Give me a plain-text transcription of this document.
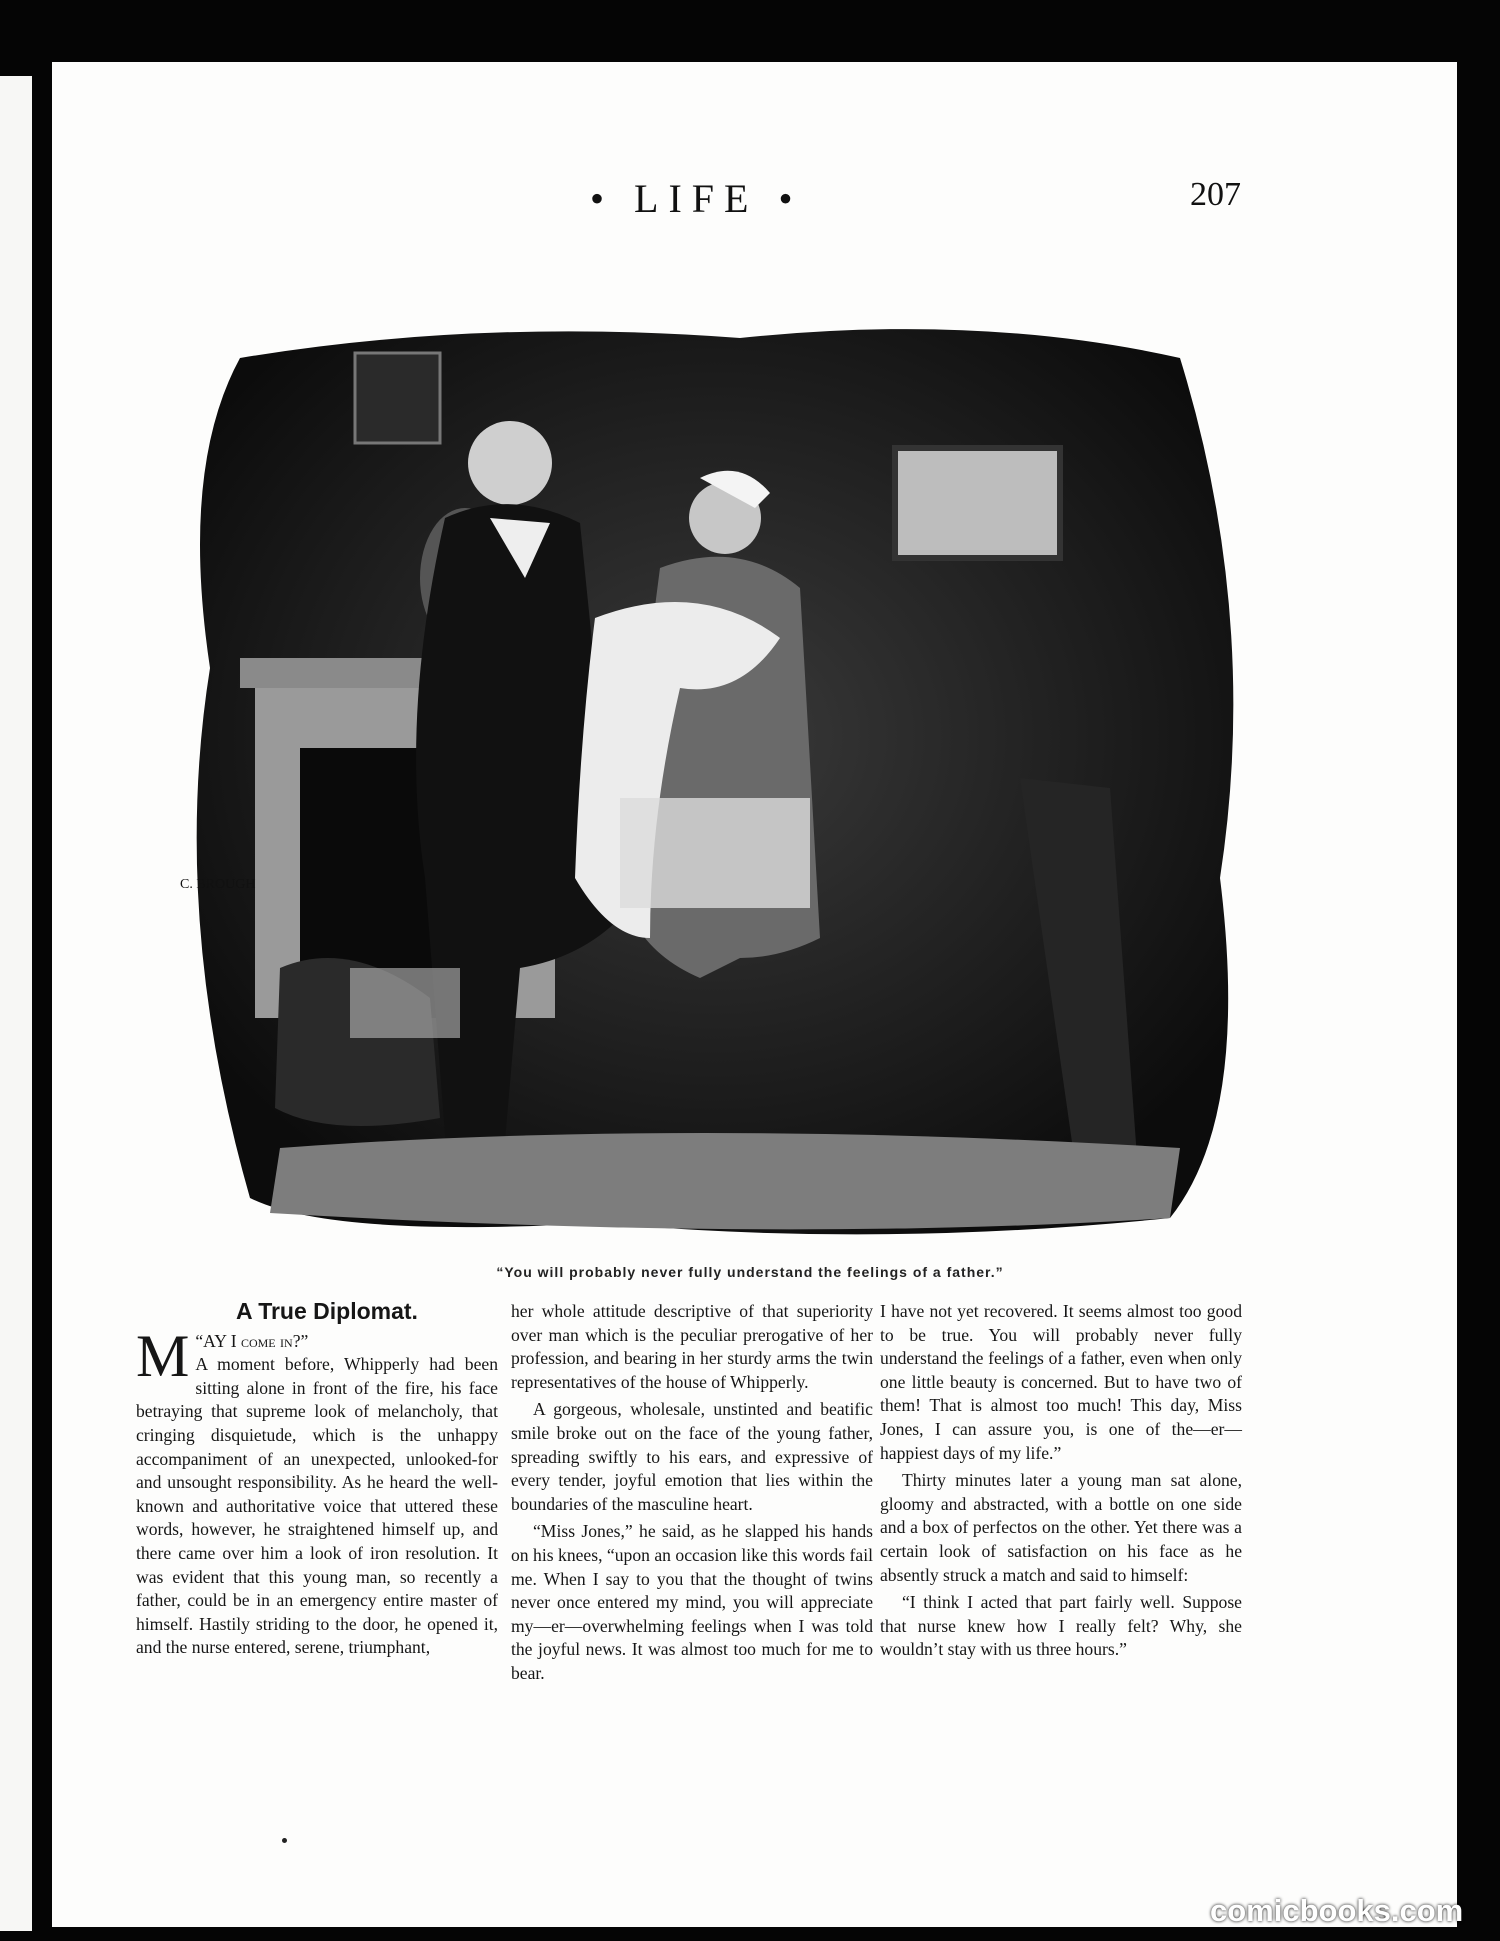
• LIFE •	207
C. BROUGH
“You will probably never fully understand the feelings of a father.”
A True Diplomat.
“
M AY I come in?”

A moment before, Whipperly had been sitting alone in front of the fire, his face betraying that supreme look of melancholy, that cringing disquietude, which is the unhappy accompaniment of an unexpected, unlooked-for and unsought responsibility. As he heard the well-known and authoritative voice that uttered these words, however, he straightened himself up, and there came over him a look of iron resolution. It was evident that this young man, so recently a father, could be in an emergency entire master of himself. Hastily striding to the door, he opened it, and the nurse entered, serene, triumphant,

her whole attitude descriptive of that superiority over man which is the peculiar prerogative of her profession, and bearing in her sturdy arms the twin representatives of the house of Whipperly.

A gorgeous, wholesale, unstinted and beatific smile broke out on the face of the young father, spreading swiftly to his ears, and expressive of every tender, joyful emotion that lies within the boundaries of the masculine heart.

“Miss Jones,” he said, as he slapped his hands on his knees, “upon an occasion like this words fail me. When I say to you that the thought of twins never once entered my mind, you will appreciate my—er—overwhelming feelings when I was told the joyful news. It was almost too much for me to bear.

I have not yet recovered. It seems almost too good to be true. You will probably never fully understand the feelings of a father, even when only one little beauty is concerned. But to have two of them! That is almost too much! This day, Miss Jones, I can assure you, is one of the—er—happiest days of my life.”

Thirty minutes later a young man sat alone, gloomy and abstracted, with a bottle on one side and a box of perfectos on the other. Yet there was a certain look of satisfaction on his face as he absently struck a match and said to himself:

“I think I acted that part fairly well. Suppose that nurse knew how I really felt? Why, she wouldn’t stay with us three hours.”

comicbooks.com
